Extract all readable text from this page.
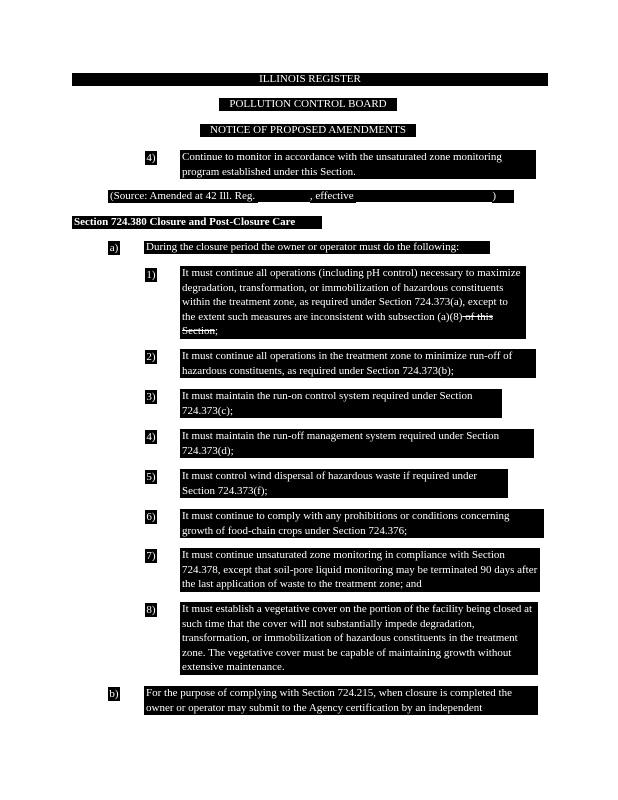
ILLINOIS REGISTER
POLLUTION CONTROL BOARD
NOTICE OF PROPOSED AMENDMENTS
4) Continue to monitor in accordance with the unsaturated zone monitoring program established under this Section.
(Source: Amended at 42 Ill. Reg.	, effective	)
Section 724.380 Closure and Post-Closure Care
a)	During the closure period the owner or operator must do the following:
1) It must continue all operations (including pH control) necessary to maximize degradation, transformation, or immobilization of hazardous constituents within the treatment zone, as required under Section 724.373(a), except to the extent such measures are inconsistent with subsection (a)(8) of this Section;
2) It must continue all operations in the treatment zone to minimize run-off of hazardous constituents, as required under Section 724.373(b);
3) It must maintain the run-on control system required under Section 724.373(c);
4) It must maintain the run-off management system required under Section 724.373(d);
5) It must control wind dispersal of hazardous waste if required under Section 724.373(f);
6) It must continue to comply with any prohibitions or conditions concerning growth of food-chain crops under Section 724.376;
7) It must continue unsaturated zone monitoring in compliance with Section 724.378, except that soil-pore liquid monitoring may be terminated 90 days after the last application of waste to the treatment zone; and
8) It must establish a vegetative cover on the portion of the facility being closed at such time that the cover will not substantially impede degradation, transformation, or immobilization of hazardous constituents in the treatment zone. The vegetative cover must be capable of maintaining growth without extensive maintenance.
b) For the purpose of complying with Section 724.215, when closure is completed the owner or operator may submit to the Agency certification by an independent
